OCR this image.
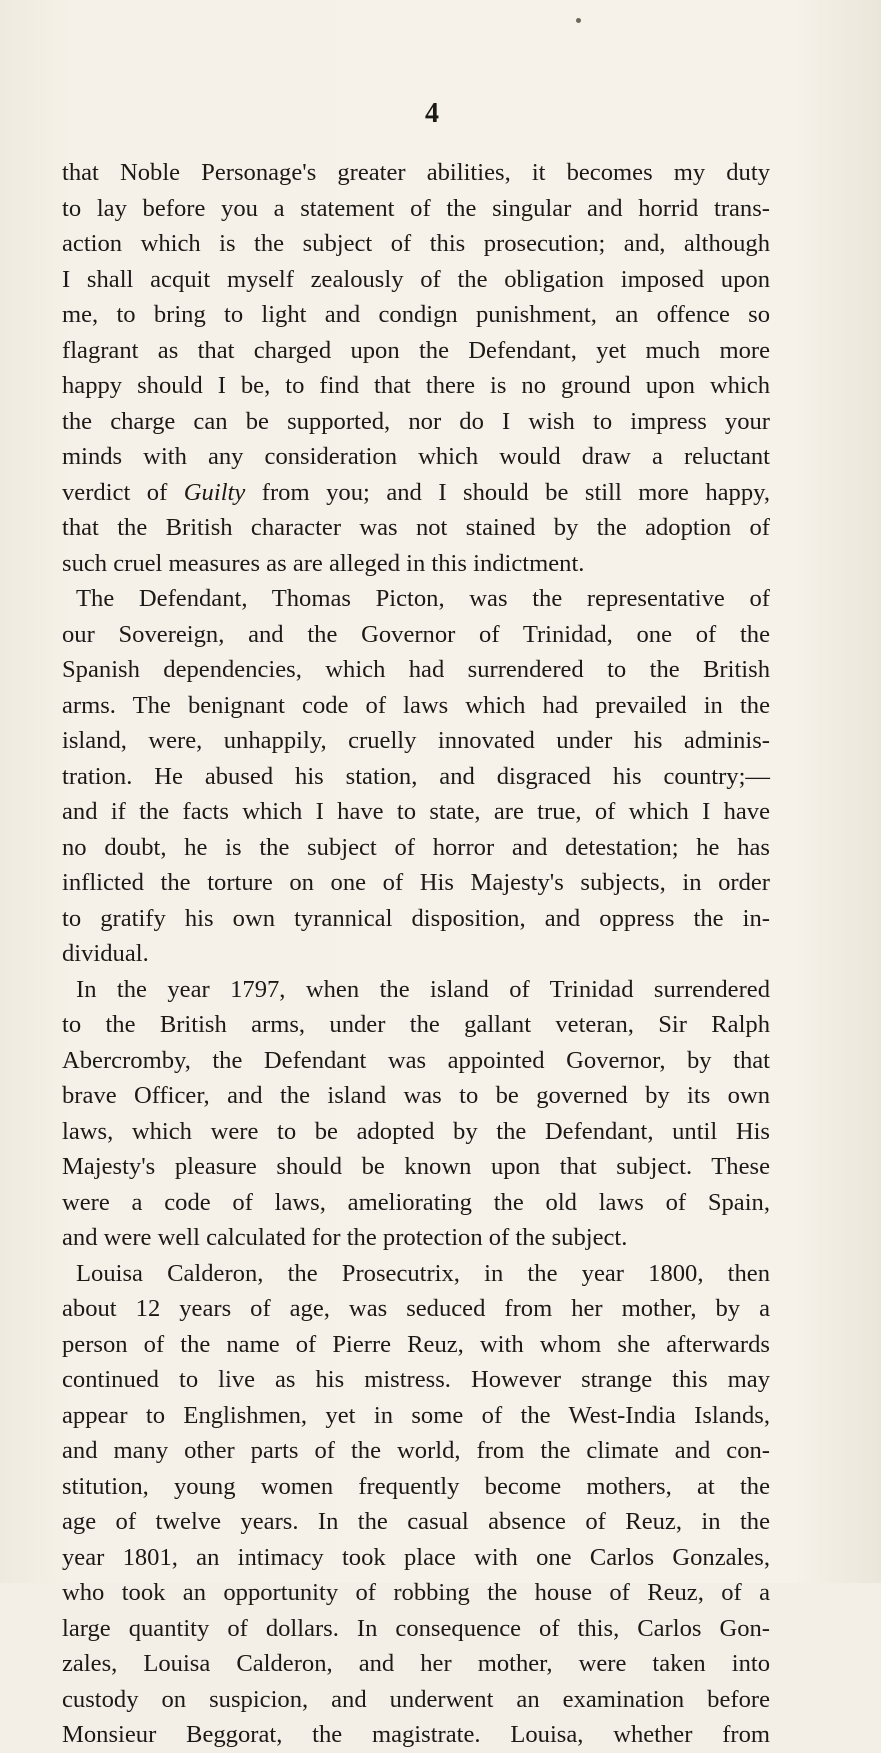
4
that Noble Personage's greater abilities, it becomes my duty
to lay before you a statement of the singular and horrid trans-
action which is the subject of this prosecution; and, although
I shall acquit myself zealously of the obligation imposed upon
me, to bring to light and condign punishment, an offence so
flagrant as that charged upon the Defendant, yet much more
happy should I be, to find that there is no ground upon which
the charge can be supported, nor do I wish to impress your
minds with any consideration which would draw a reluctant
verdict of Guilty from you; and I should be still more happy,
that the British character was not stained by the adoption of
such cruel measures as are alleged in this indictment.
The Defendant, Thomas Picton, was the representative of
our Sovereign, and the Governor of Trinidad, one of the
Spanish dependencies, which had surrendered to the British
arms. The benignant code of laws which had prevailed in the
island, were, unhappily, cruelly innovated under his adminis-
tration. He abused his station, and disgraced his country;—
and if the facts which I have to state, are true, of which I have
no doubt, he is the subject of horror and detestation; he has
inflicted the torture on one of His Majesty's subjects, in order
to gratify his own tyrannical disposition, and oppress the in-
dividual.
In the year 1797, when the island of Trinidad surrendered
to the British arms, under the gallant veteran, Sir Ralph
Abercromby, the Defendant was appointed Governor, by that
brave Officer, and the island was to be governed by its own
laws, which were to be adopted by the Defendant, until His
Majesty's pleasure should be known upon that subject. These
were a code of laws, ameliorating the old laws of Spain,
and were well calculated for the protection of the subject.
Louisa Calderon, the Prosecutrix, in the year 1800, then
about 12 years of age, was seduced from her mother, by a
person of the name of Pierre Reuz, with whom she afterwards
continued to live as his mistress. However strange this may
appear to Englishmen, yet in some of the West-India Islands,
and many other parts of the world, from the climate and con-
stitution, young women frequently become mothers, at the
age of twelve years. In the casual absence of Reuz, in the
year 1801, an intimacy took place with one Carlos Gonzales,
who took an opportunity of robbing the house of Reuz, of a
large quantity of dollars. In consequence of this, Carlos Gon-
zales, Louisa Calderon, and her mother, were taken into
custody on suspicion, and underwent an examination before
Monsieur Beggorat, the magistrate. Louisa, whether from
